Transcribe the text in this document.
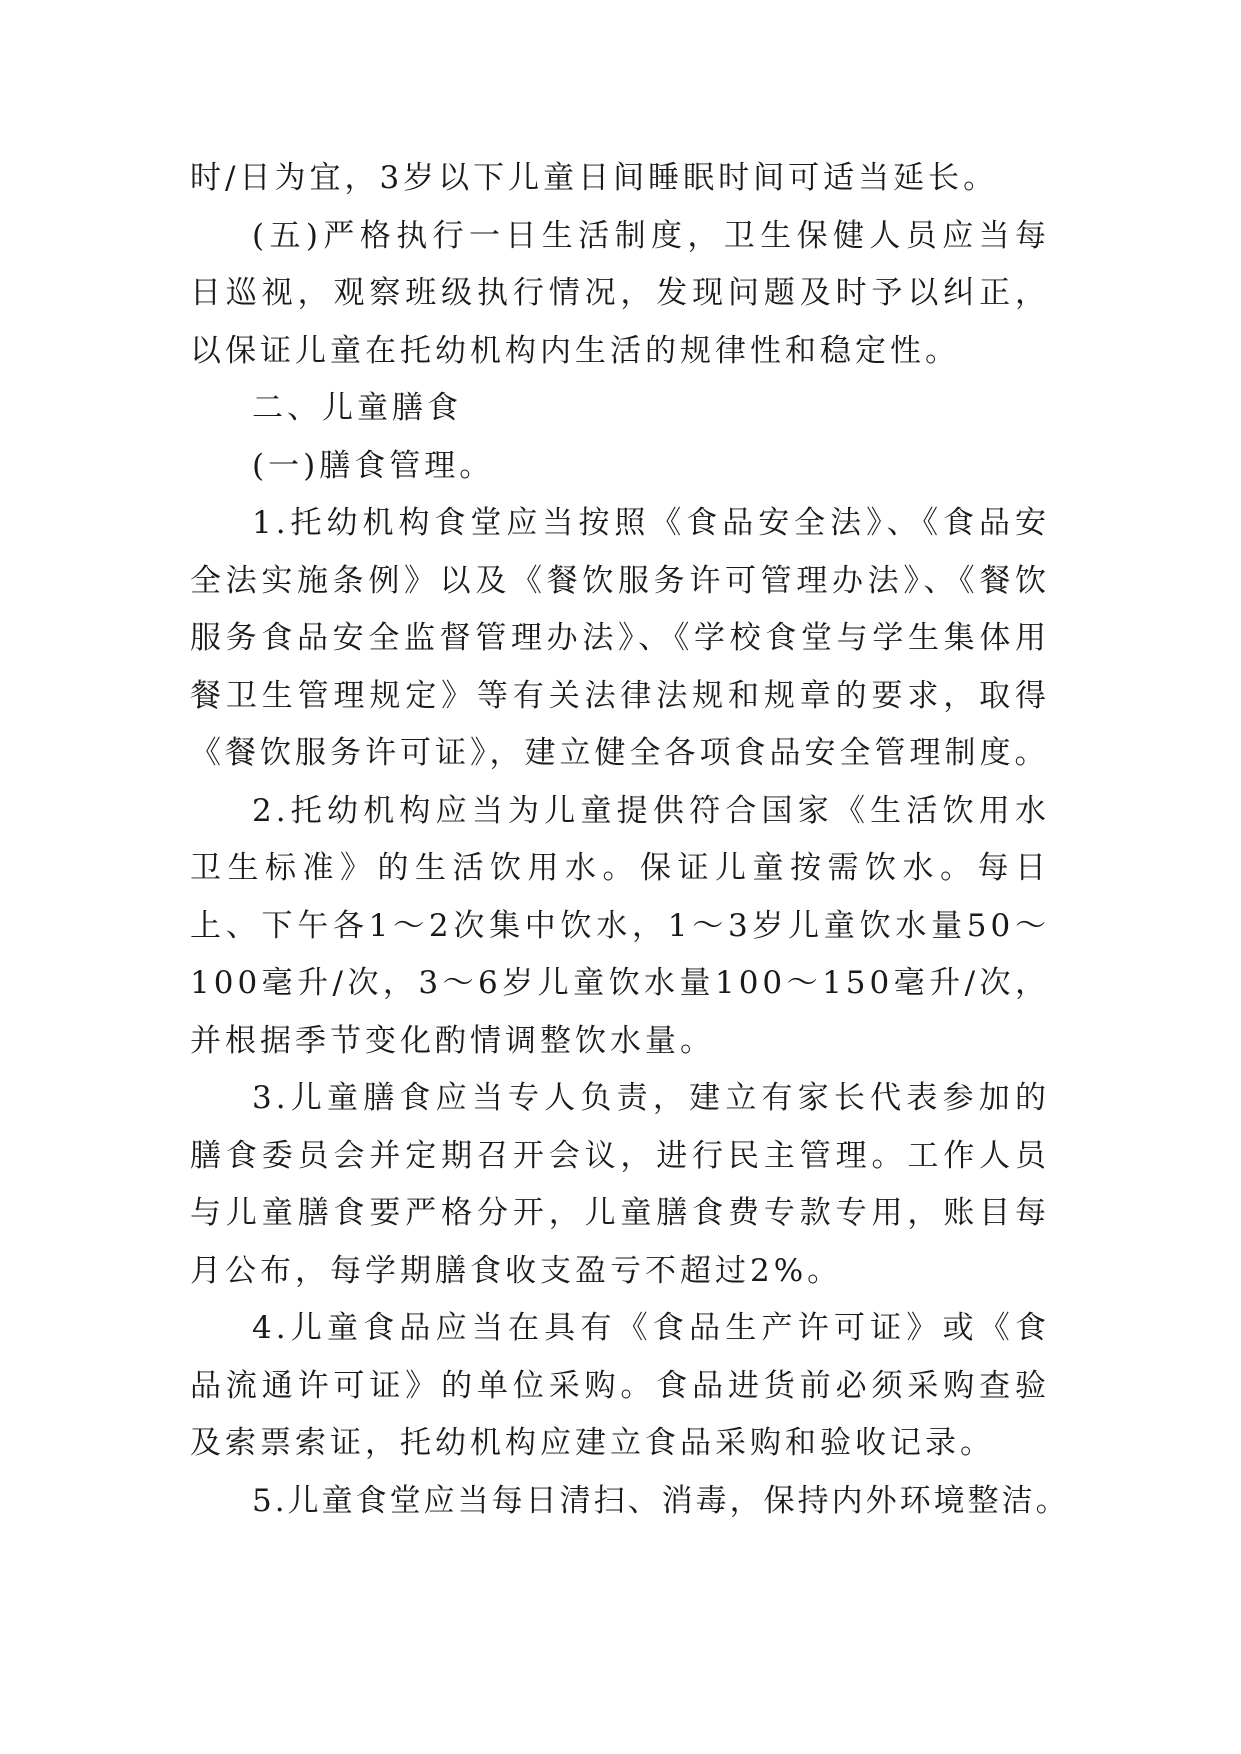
时/日为宜，3岁以下儿童日间睡眠时间可适当延长。

(五)严格执行一日生活制度，卫生保健人员应当每日巡视，观察班级执行情况，发现问题及时予以纠正，以保证儿童在托幼机构内生活的规律性和稳定性。

二、儿童膳食

(一)膳食管理。

1.托幼机构食堂应当按照《食品安全法》、《食品安全法实施条例》以及《餐饮服务许可管理办法》、《餐饮服务食品安全监督管理办法》、《学校食堂与学生集体用餐卫生管理规定》等有关法律法规和规章的要求，取得《餐饮服务许可证》，建立健全各项食品安全管理制度。

2.托幼机构应当为儿童提供符合国家《生活饮用水卫生标准》的生活饮用水。保证儿童按需饮水。每日上、下午各1～2次集中饮水，1～3岁儿童饮水量50～100毫升/次，3～6岁儿童饮水量100～150毫升/次，并根据季节变化酌情调整饮水量。

3.儿童膳食应当专人负责，建立有家长代表参加的膳食委员会并定期召开会议，进行民主管理。工作人员与儿童膳食要严格分开，儿童膳食费专款专用，账目每月公布，每学期膳食收支盈亏不超过2%。

4.儿童食品应当在具有《食品生产许可证》或《食品流通许可证》的单位采购。食品进货前必须采购查验及索票索证，托幼机构应建立食品采购和验收记录。

5.儿童食堂应当每日清扫、消毒，保持内外环境整洁。
